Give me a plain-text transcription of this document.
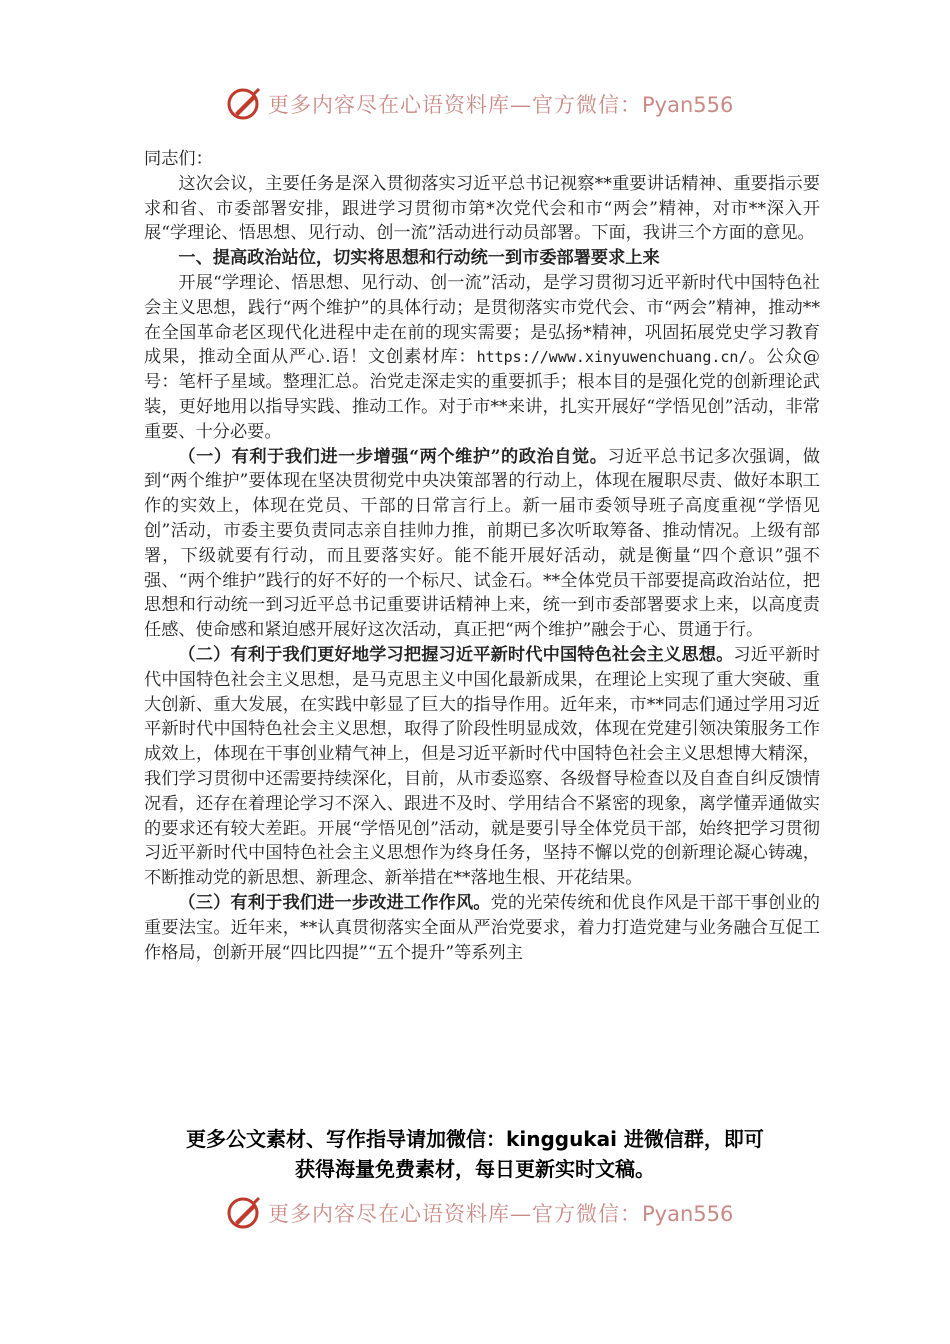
更多内容尽在心语资料库—官方微信：Pyan556

同志们：

这次会议，主要任务是深入贯彻落实习近平总书记视察**重要讲话精神、重要指示要求和省、市委部署安排，跟进学习贯彻市第*次党代会和市“两会”精神，对市**深入开展“学理论、悟思想、见行动、创一流”活动进行动员部署。下面，我讲三个方面的意见。

一、提高政治站位，切实将思想和行动统一到市委部署要求上来

开展“学理论、悟思想、见行动、创一流”活动，是学习贯彻习近平新时代中国特色社会主义思想，践行“两个维护”的具体行动；是贯彻落实市党代会、市“两会”精神，推动**在全国革命老区现代化进程中走在前的现实需要；是弘扬*精神，巩固拓展党史学习教育成果，推动全面从严心.语！文创素材库：https://www.xinyuwenchuang.cn/。公众@号：笔杆子星域。整理汇总。治党走深走实的重要抓手；根本目的是强化党的创新理论武装，更好地用以指导实践、推动工作。对于市**来讲，扎实开展好“学悟见创”活动，非常重要、十分必要。

（一）有利于我们进一步增强“两个维护”的政治自觉。习近平总书记多次强调，做到“两个维护”要体现在坚决贯彻党中央决策部署的行动上，体现在履职尽责、做好本职工作的实效上，体现在党员、干部的日常言行上。新一届市委领导班子高度重视“学悟见创”活动，市委主要负责同志亲自挂帅力推，前期已多次听取筹备、推动情况。上级有部署，下级就要有行动，而且要落实好。能不能开展好活动，就是衡量“四个意识”强不强、“两个维护”践行的好不好的一个标尺、试金石。**全体党员干部要提高政治站位，把思想和行动统一到习近平总书记重要讲话精神上来，统一到市委部署要求上来，以高度责任感、使命感和紧迫感开展好这次活动，真正把“两个维护”融会于心、贯通于行。

（二）有利于我们更好地学习把握习近平新时代中国特色社会主义思想。习近平新时代中国特色社会主义思想，是马克思主义中国化最新成果，在理论上实现了重大突破、重大创新、重大发展，在实践中彰显了巨大的指导作用。近年来，市**同志们通过学用习近平新时代中国特色社会主义思想，取得了阶段性明显成效，体现在党建引领决策服务工作成效上，体现在干事创业精气神上，但是习近平新时代中国特色社会主义思想博大精深，我们学习贯彻中还需要持续深化，目前，从市委巡察、各级督导检查以及自查自纠反馈情况看，还存在着理论学习不深入、跟进不及时、学用结合不紧密的现象，离学懂弄通做实的要求还有较大差距。开展“学悟见创”活动，就是要引导全体党员干部，始终把学习贯彻习近平新时代中国特色社会主义思想作为终身任务，坚持不懈以党的创新理论凝心铸魂，不断推动党的新思想、新理念、新举措在**落地生根、开花结果。

（三）有利于我们进一步改进工作作风。党的光荣传统和优良作风是干部干事创业的重要法宝。近年来，**认真贯彻落实全面从严治党要求，着力打造党建与业务融合互促工作格局，创新开展“四比四提”“五个提升”等系列主

更多公文素材、写作指导请加微信：kinggukai 进微信群，即可
获得海量免费素材，每日更新实时文稿。
更多内容尽在心语资料库—官方微信：Pyan556
